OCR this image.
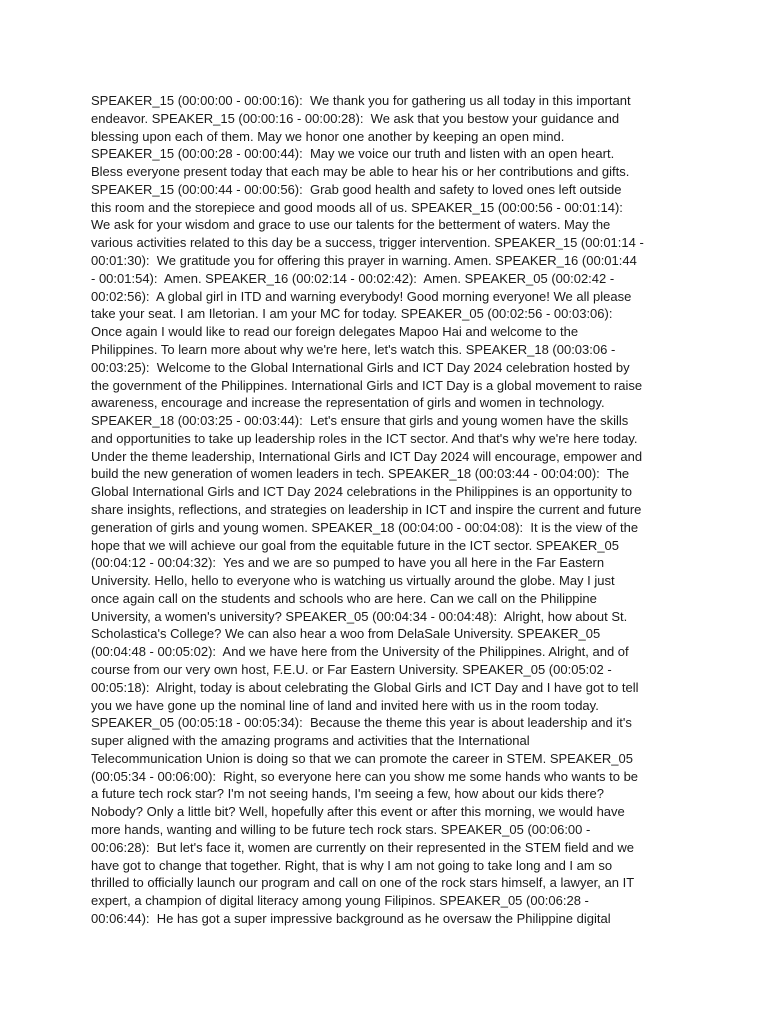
SPEAKER_15 (00:00:00 - 00:00:16):  We thank you for gathering us all today in this important
endeavor. SPEAKER_15 (00:00:16 - 00:00:28):  We ask that you bestow your guidance and
blessing upon each of them. May we honor one another by keeping an open mind.
SPEAKER_15 (00:00:28 - 00:00:44):  May we voice our truth and listen with an open heart.
Bless everyone present today that each may be able to hear his or her contributions and gifts.
SPEAKER_15 (00:00:44 - 00:00:56):  Grab good health and safety to loved ones left outside
this room and the storepiece and good moods all of us. SPEAKER_15 (00:00:56 - 00:01:14):
We ask for your wisdom and grace to use our talents for the betterment of waters. May the
various activities related to this day be a success, trigger intervention. SPEAKER_15 (00:01:14 -
00:01:30):  We gratitude you for offering this prayer in warning. Amen. SPEAKER_16 (00:01:44
- 00:01:54):  Amen. SPEAKER_16 (00:02:14 - 00:02:42):  Amen. SPEAKER_05 (00:02:42 -
00:02:56):  A global girl in ITD and warning everybody! Good morning everyone! We all please
take your seat. I am Iletorian. I am your MC for today. SPEAKER_05 (00:02:56 - 00:03:06):
Once again I would like to read our foreign delegates Mapoo Hai and welcome to the
Philippines. To learn more about why we're here, let's watch this. SPEAKER_18 (00:03:06 -
00:03:25):  Welcome to the Global International Girls and ICT Day 2024 celebration hosted by
the government of the Philippines. International Girls and ICT Day is a global movement to raise
awareness, encourage and increase the representation of girls and women in technology.
SPEAKER_18 (00:03:25 - 00:03:44):  Let's ensure that girls and young women have the skills
and opportunities to take up leadership roles in the ICT sector. And that's why we're here today.
Under the theme leadership, International Girls and ICT Day 2024 will encourage, empower and
build the new generation of women leaders in tech. SPEAKER_18 (00:03:44 - 00:04:00):  The
Global International Girls and ICT Day 2024 celebrations in the Philippines is an opportunity to
share insights, reflections, and strategies on leadership in ICT and inspire the current and future
generation of girls and young women. SPEAKER_18 (00:04:00 - 00:04:08):  It is the view of the
hope that we will achieve our goal from the equitable future in the ICT sector. SPEAKER_05
(00:04:12 - 00:04:32):  Yes and we are so pumped to have you all here in the Far Eastern
University. Hello, hello to everyone who is watching us virtually around the globe. May I just
once again call on the students and schools who are here. Can we call on the Philippine
University, a women's university? SPEAKER_05 (00:04:34 - 00:04:48):  Alright, how about St.
Scholastica's College? We can also hear a woo from DelaSale University. SPEAKER_05
(00:04:48 - 00:05:02):  And we have here from the University of the Philippines. Alright, and of
course from our very own host, F.E.U. or Far Eastern University. SPEAKER_05 (00:05:02 -
00:05:18):  Alright, today is about celebrating the Global Girls and ICT Day and I have got to tell
you we have gone up the nominal line of land and invited here with us in the room today.
SPEAKER_05 (00:05:18 - 00:05:34):  Because the theme this year is about leadership and it's
super aligned with the amazing programs and activities that the International
Telecommunication Union is doing so that we can promote the career in STEM. SPEAKER_05
(00:05:34 - 00:06:00):  Right, so everyone here can you show me some hands who wants to be
a future tech rock star? I'm not seeing hands, I'm seeing a few, how about our kids there?
Nobody? Only a little bit? Well, hopefully after this event or after this morning, we would have
more hands, wanting and willing to be future tech rock stars. SPEAKER_05 (00:06:00 -
00:06:28):  But let's face it, women are currently on their represented in the STEM field and we
have got to change that together. Right, that is why I am not going to take long and I am so
thrilled to officially launch our program and call on one of the rock stars himself, a lawyer, an IT
expert, a champion of digital literacy among young Filipinos. SPEAKER_05 (00:06:28 -
00:06:44):  He has got a super impressive background as he oversaw the Philippine digital
